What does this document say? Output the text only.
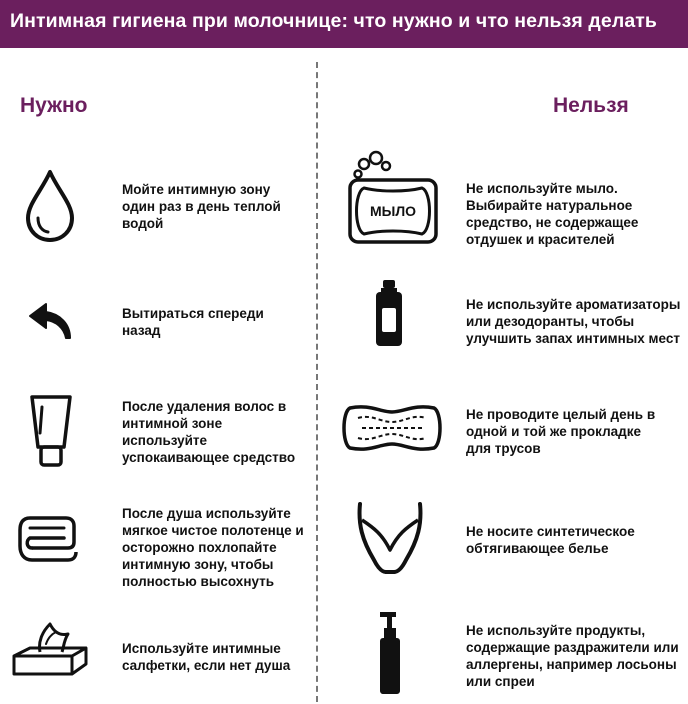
Интимная гигиена при молочнице: что нужно и что нельзя делать
Нужно	Нельзя
Мойте интимную зону
один раз в день теплой
водой
Вытираться спереди
назад
После удаления волос в
интимной зоне
используйте
успокаивающее средство
После душа используйте
мягкое чистое полотенце и
осторожно похлопайте
интимную зону, чтобы
полностью высохнуть
Используйте интимные
салфетки, если нет душа
МЫЛО
Не используйте мыло.
Выбирайте натуральное
средство, не содержащее
отдушек и красителей
Не используйте ароматизаторы
или дезодоранты, чтобы
улучшить запах интимных мест
Не проводите целый день в
одной и той же прокладке
для трусов
Не носите синтетическое
обтягивающее белье
Не используйте продукты,
содержащие раздражители или
аллергены, например лосьоны
или спреи
